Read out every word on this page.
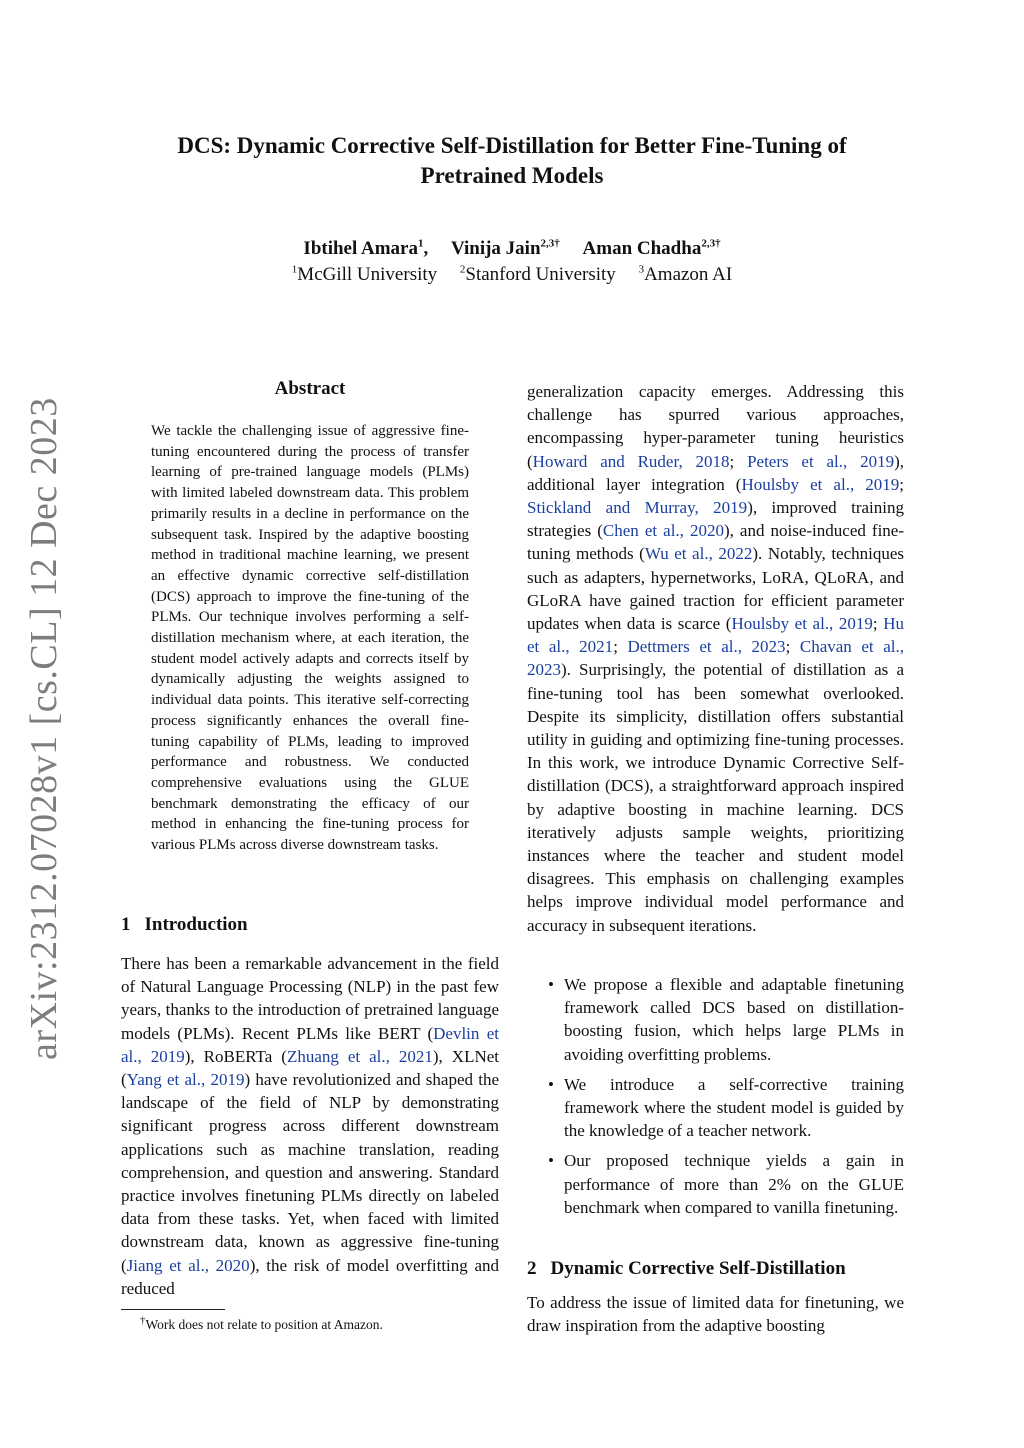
arXiv:2312.07028v1 [cs.CL] 12 Dec 2023
DCS: Dynamic Corrective Self-Distillation for Better Fine-Tuning of
Pretrained Models
Ibtihel Amara$^1$, Vinija Jain$^{2,3\dagger}$ Aman Chadha$^{2,3\dagger}$
$^1$McGill University $^2$Stanford University $^3$Amazon AI
Abstract
We tackle the challenging issue of aggressive fine-tuning encountered during the process of transfer learning of pre-trained language models (PLMs) with limited labeled downstream data. This problem primarily results in a decline in performance on the subsequent task. Inspired by the adaptive boosting method in traditional machine learning, we present an effective dynamic corrective self-distillation (DCS) approach to improve the fine-tuning of the PLMs. Our technique involves performing a self-distillation mechanism where, at each iteration, the student model actively adapts and corrects itself by dynamically adjusting the weights assigned to individual data points. This iterative self-correcting process significantly enhances the overall fine-tuning capability of PLMs, leading to improved performance and robustness. We conducted comprehensive evaluations using the GLUE benchmark demonstrating the efficacy of our method in enhancing the fine-tuning process for various PLMs across diverse downstream tasks.
1 Introduction
There has been a remarkable advancement in the field of Natural Language Processing (NLP) in the past few years, thanks to the introduction of pretrained language models (PLMs). Recent PLMs like BERT (Devlin et al., 2019), RoBERTa (Zhuang et al., 2021), XLNet (Yang et al., 2019) have revolutionized and shaped the landscape of the field of NLP by demonstrating significant progress across different downstream applications such as machine translation, reading comprehension, and question and answering. Standard practice involves finetuning PLMs directly on labeled data from these tasks. Yet, when faced with limited downstream data, known as aggressive fine-tuning (Jiang et al., 2020), the risk of model overfitting and reduced
generalization capacity emerges. Addressing this challenge has spurred various approaches, encompassing hyper-parameter tuning heuristics (Howard and Ruder, 2018; Peters et al., 2019), additional layer integration (Houlsby et al., 2019; Stickland and Murray, 2019), improved training strategies (Chen et al., 2020), and noise-induced fine-tuning methods (Wu et al., 2022). Notably, techniques such as adapters, hypernetworks, LoRA, QLoRA, and GLoRA have gained traction for efficient parameter updates when data is scarce (Houlsby et al., 2019; Hu et al., 2021; Dettmers et al., 2023; Chavan et al., 2023). Surprisingly, the potential of distillation as a fine-tuning tool has been somewhat overlooked. Despite its simplicity, distillation offers substantial utility in guiding and optimizing fine-tuning processes. In this work, we introduce Dynamic Corrective Self-distillation (DCS), a straightforward approach inspired by adaptive boosting in machine learning. DCS iteratively adjusts sample weights, prioritizing instances where the teacher and student model disagrees. This emphasis on challenging examples helps improve individual model performance and accuracy in subsequent iterations.
• We propose a flexible and adaptable finetuning framework called DCS based on distillation-boosting fusion, which helps large PLMs in avoiding overfitting problems.
• We introduce a self-corrective training framework where the student model is guided by the knowledge of a teacher network.
• Our proposed technique yields a gain in performance of more than 2% on the GLUE benchmark when compared to vanilla finetuning.
2 Dynamic Corrective Self-Distillation
To address the issue of limited data for finetuning, we draw inspiration from the adaptive boosting
†Work does not relate to position at Amazon.
